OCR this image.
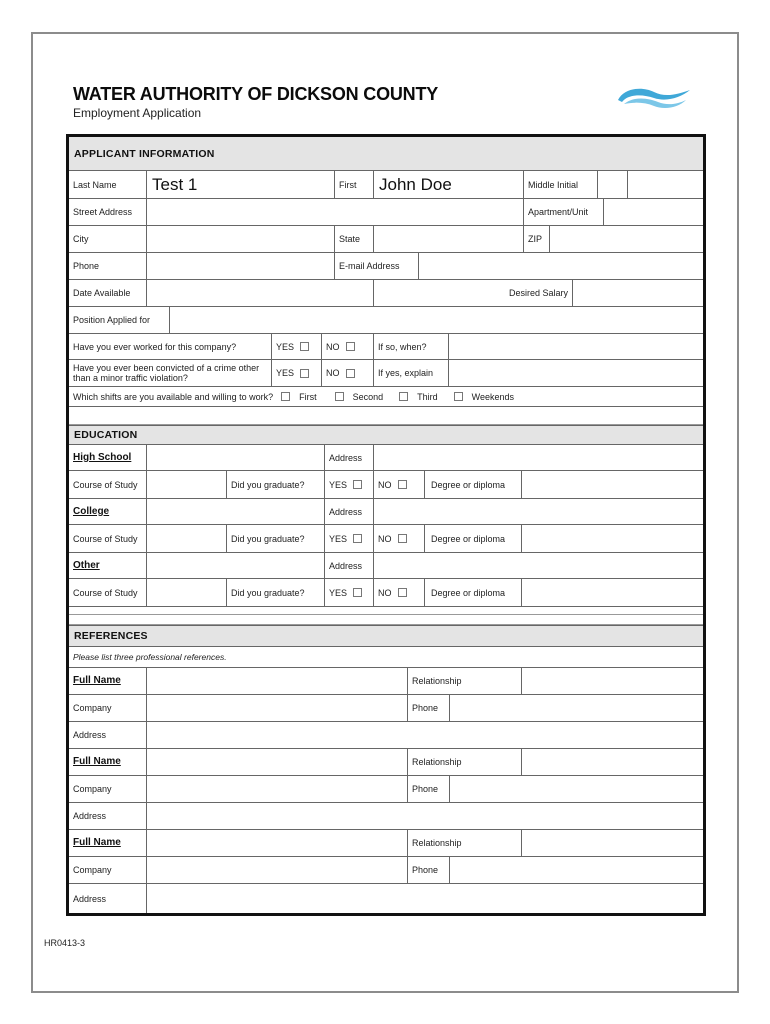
WATER AUTHORITY OF DICKSON COUNTY
Employment Application
APPLICANT INFORMATION
Last Name	Test 1	First	John Doe	Middle Initial
Street Address	Apartment/Unit
City	State	ZIP
Phone	E-mail Address
Date Available	Desired Salary
Position Applied for
Have you ever worked for this company?	YES	NO	If so, when?
Have you ever been convicted of a crime other than a minor traffic violation?	YES	NO	If yes, explain
Which shifts are you available and willing to work?	First	Second	Third	Weekends
EDUCATION
High School	Address
Course of Study	Did you graduate?	YES	NO	Degree or diploma
College	Address
Course of Study	Did you graduate?	YES	NO	Degree or diploma
Other	Address
Course of Study	Did you graduate?	YES	NO	Degree or diploma
REFERENCES
Please list three professional references.
Full Name	Relationship
Company	Phone
Address
Full Name	Relationship
Company	Phone
Address
Full Name	Relationship
Company	Phone
Address
HR0413-3
